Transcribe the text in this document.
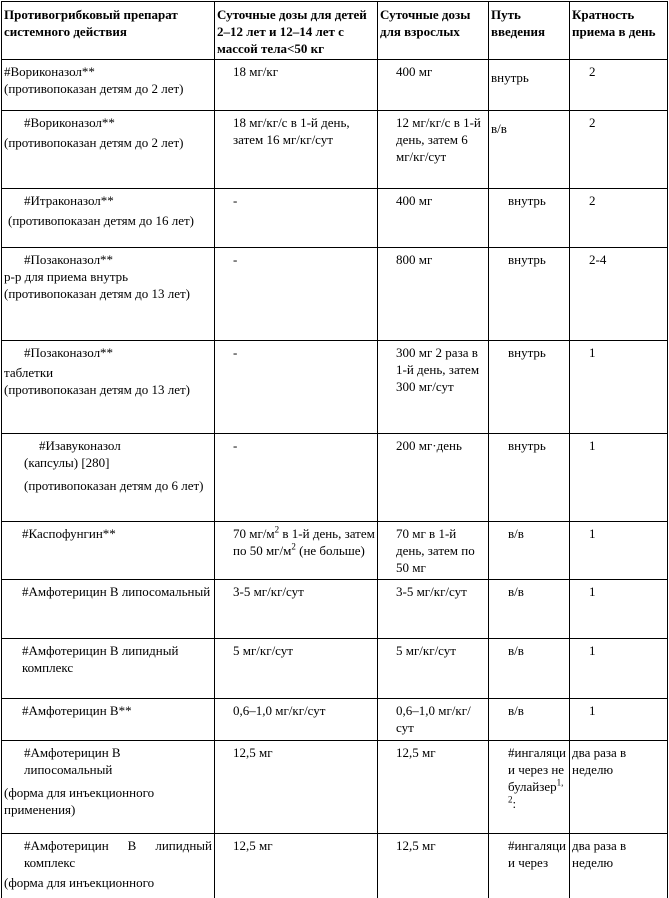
Противогрибковый препарат системного действия	Суточные дозы для детей 2–12 лет и 12–14 лет с массой тела<50 кг	Суточные дозы для взрослых	Путь введения	Кратность приема в день
#Вориконазол**
(противопоказан детям до 2 лет)	18 мг/кг	400 мг	внутрь	2
#Вориконазол**

(противопоказан детям до 2 лет)	18 мг/кг/с в 1-й день, затем 16 мг/кг/сут	12 мг/кг/с в 1-й день, затем 6 мг/кг/сут	в/в	2
#Итраконазол**

(противопоказан детям до 16 лет)	-	400 мг	внутрь	2
#Позаконазол**
р-р для приема внутрь
(противопоказан детям до 13 лет)	-	800 мг	внутрь	2-4
#Позаконазол**

таблетки
(противопоказан детям до 13 лет)	-	300 мг 2 раза в 1-й день, затем 300 мг/сут	внутрь	1
#Изавуконазол
(капсулы) [280]

(противопоказан детям до 6 лет)	-	200 мг·день	внутрь	1
#Каспофунгин**	70 $мг/м^2$ в 1-й день, затем по 50 $мг/м^2$ (не больше)	70 мг в 1-й день, затем по 50 мг	в/в	1
#Амфотерицин В липосомальный	3-5 мг/кг/сут	3-5 мг/кг/сут	в/в	1
#Амфотерицин В липидный комплекс	5 мг/кг/сут	5 мг/кг/сут	в/в	1
#Амфотерицин В**	0,6–1,0 мг/кг/сут	0,6–1,0 мг/кг/сут	в/в	1

#Амфотерицин В липосомальный
(форма для инъекционного применения)	12,5 мг	12,5 мг	#ингаляции через небулайзер$^{1,2}$:	два раза в неделю

#Амфотерицин В липидный комплекс
(форма для инъекционного	12,5 мг	12,5 мг	#ингаляции через	два раза в неделю
